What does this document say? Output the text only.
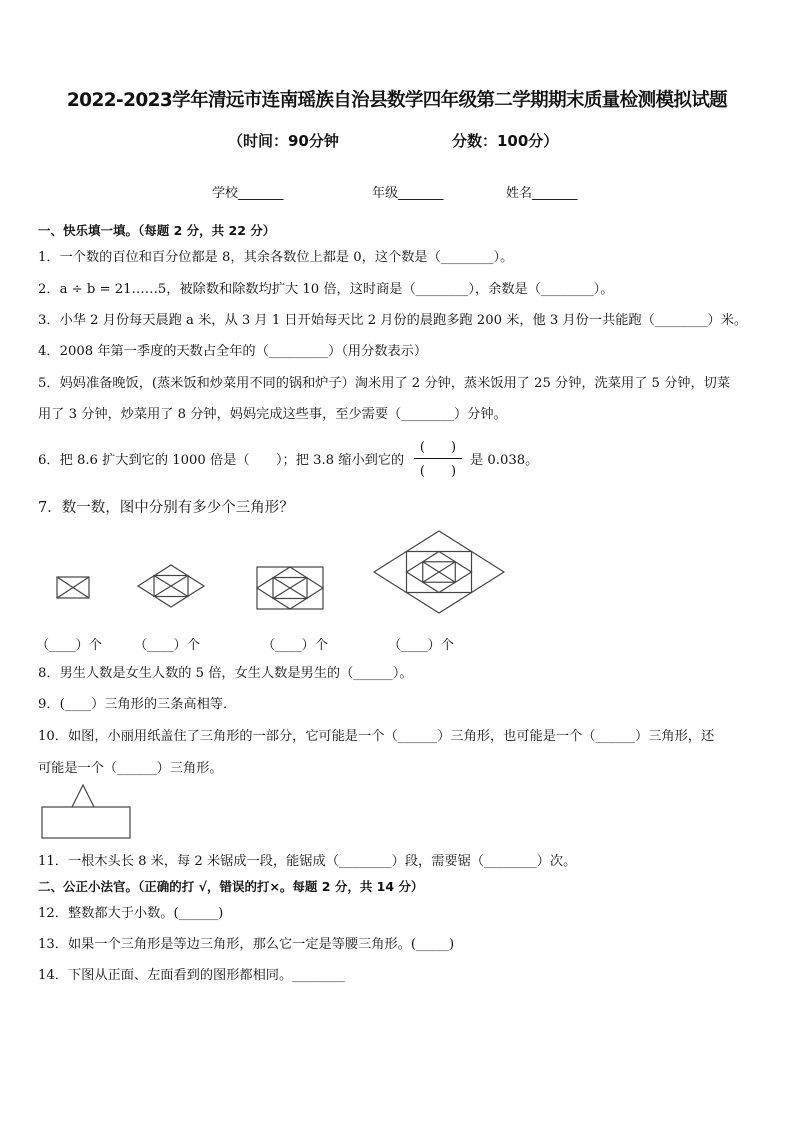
2022-2023学年清远市连南瑶族自治县数学四年级第二学期期末质量检测模拟试题
（时间：90分钟	分数：100分）
学校_______	年级_______	姓名_______
一、快乐填一填。（每题 2 分，共 22 分）
1．一个数的百位和百分位都是 8，其余各数位上都是 0，这个数是（________）。
2．a ÷ b = 21……5，被除数和除数均扩大 10 倍，这时商是（________），余数是（________）。
3．小华 2 月份每天晨跑 a 米，从 3 月 1 日开始每天比 2 月份的晨跑多跑 200 米，他 3 月份一共能跑（________）米。
4．2008 年第一季度的天数占全年的（_________）（用分数表示）
5．妈妈准备晚饭，(蒸米饭和炒菜用不同的锅和炉子）淘米用了 2 分钟，蒸米饭用了 25 分钟，洗菜用了 5 分钟，切菜
用了 3 分钟，炒菜用了 8 分钟，妈妈完成这些事，至少需要（________）分钟。
6．把 8.6 扩大到它的 1000 倍是（　　）；把 3.8 缩小到它的
(　　)
(　　)
是 0.038。
7．数一数，图中分别有多少个三角形？
（____）个 （____）个	（____）个	（____）个
8．男生人数是女生人数的 5 倍，女生人数是男生的（______）。
9．(____）三角形的三条高相等．
10．如图，小丽用纸盖住了三角形的一部分，它可能是一个（______）三角形，也可能是一个（______）三角形，还
可能是一个（______）三角形。
11．一根木头长 8 米，每 2 米锯成一段，能锯成（________）段，需要锯（________）次。
二、公正小法官。（正确的打 √，错误的打×。每题 2 分，共 14 分）
12．整数都大于小数。(______)
13．如果一个三角形是等边三角形，那么它一定是等腰三角形。(_____)
14．下图从正面、左面看到的图形都相同。________
